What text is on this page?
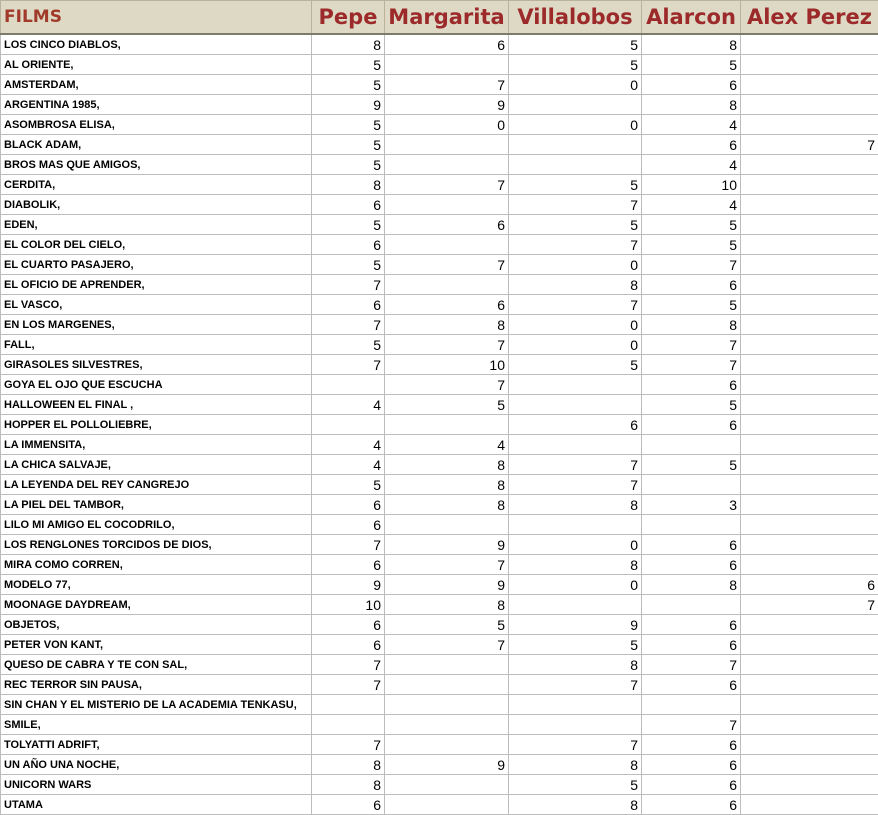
FILMS	Pepe	Margarita	Villalobos	Alarcon	Alex Perez
LOS CINCO DIABLOS,	8	6	5	8	
AL ORIENTE,	5		5	5	
AMSTERDAM,	5	7	0	6	
ARGENTINA 1985,	9	9		8	
ASOMBROSA ELISA,	5	0	0	4	
BLACK ADAM,	5			6	7
BROS MAS QUE AMIGOS,	5			4	
CERDITA,	8	7	5	10	
DIABOLIK,	6		7	4	
EDEN,	5	6	5	5	
EL COLOR DEL CIELO,	6		7	5	
EL CUARTO PASAJERO,	5	7	0	7	
EL OFICIO DE APRENDER,	7		8	6	
EL VASCO,	6	6	7	5	
EN LOS MARGENES,	7	8	0	8	
FALL,	5	7	0	7	
GIRASOLES SILVESTRES,	7	10	5	7	
GOYA EL OJO QUE ESCUCHA		7		6	
HALLOWEEN EL FINAL ,	4	5		5	
HOPPER EL POLLOLIEBRE,			6	6	
LA IMMENSITA,	4	4			
LA CHICA SALVAJE,	4	8	7	5	
LA LEYENDA DEL REY CANGREJO	5	8	7		
LA PIEL DEL TAMBOR,	6	8	8	3	
LILO MI AMIGO EL COCODRILO,	6				
LOS RENGLONES TORCIDOS DE DIOS,	7	9	0	6	
MIRA COMO CORREN,	6	7	8	6	
MODELO 77,	9	9	0	8	6
MOONAGE DAYDREAM,	10	8			7
OBJETOS,	6	5	9	6	
PETER VON KANT,	6	7	5	6	
QUESO DE CABRA Y TE CON SAL,	7		8	7	
REC TERROR SIN PAUSA,	7		7	6	
SIN CHAN Y EL MISTERIO DE LA ACADEMIA TENKASU,					
SMILE,				7	
TOLYATTI ADRIFT,	7		7	6	
UN AÑO UNA NOCHE,	8	9	8	6	
UNICORN WARS	8		5	6	
UTAMA	6		8	6	
